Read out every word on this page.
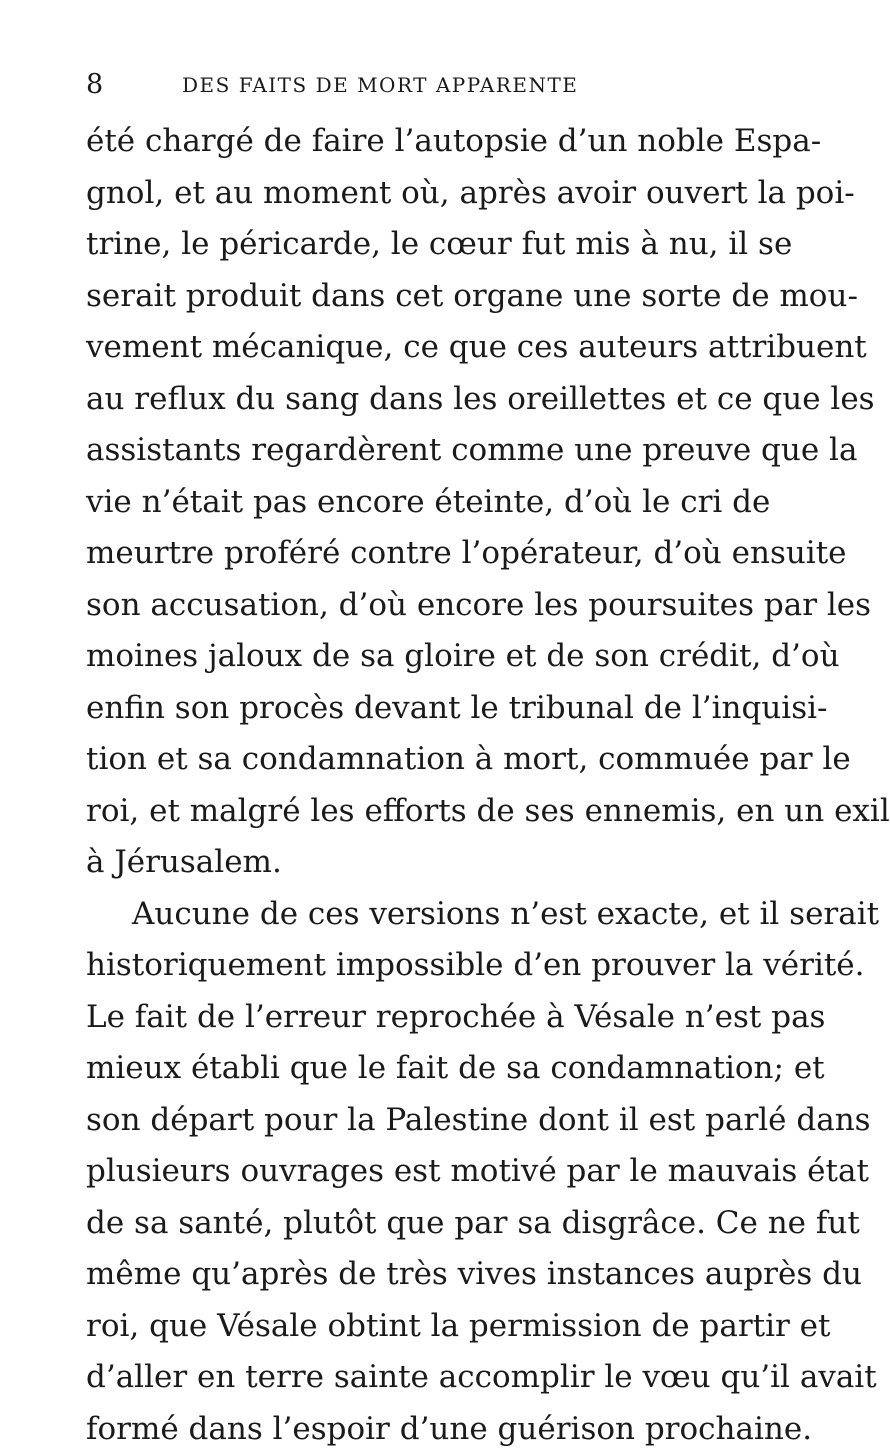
8	DES FAITS DE MORT APPARENTE
été chargé de faire l’autopsie d’un noble Espa-
gnol, et au moment où, après avoir ouvert la poi-
trine, le péricarde, le cœur fut mis à nu, il se
serait produit dans cet organe une sorte de mou-
vement mécanique, ce que ces auteurs attribuent
au reflux du sang dans les oreillettes et ce que les
assistants regardèrent comme une preuve que la
vie n’était pas encore éteinte, d’où le cri de
meurtre proféré contre l’opérateur, d’où ensuite
son accusation, d’où encore les poursuites par les
moines jaloux de sa gloire et de son crédit, d’où
enfin son procès devant le tribunal de l’inquisi-
tion et sa condamnation à mort, commuée par le
roi, et malgré les efforts de ses ennemis, en un exil
à Jérusalem.
Aucune de ces versions n’est exacte, et il serait
historiquement impossible d’en prouver la vérité.
Le fait de l’erreur reprochée à Vésale n’est pas
mieux établi que le fait de sa condamnation; et
son départ pour la Palestine dont il est parlé dans
plusieurs ouvrages est motivé par le mauvais état
de sa santé, plutôt que par sa disgrâce. Ce ne fut
même qu’après de très vives instances auprès du
roi, que Vésale obtint la permission de partir et
d’aller en terre sainte accomplir le vœu qu’il avait
formé dans l’espoir d’une guérison prochaine.
